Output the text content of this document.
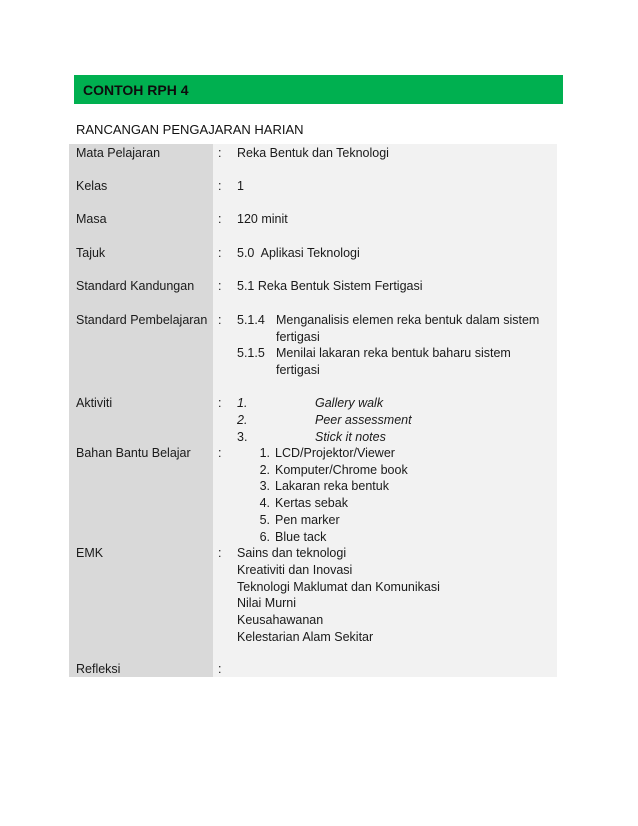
CONTOH RPH 4
RANCANGAN PENGAJARAN HARIAN
Mata Pelajaran	: Reka Bentuk dan Teknologi
Kelas	: 1
Masa	: 120 minit
Tajuk	: 5.0  Aplikasi Teknologi
Standard Kandungan : 5.1 Reka Bentuk Sistem Fertigasi
Standard Pembelajaran : 5.1.4 Menganalisis elemen reka bentuk dalam sistem
fertigasi
5.1.5 Menilai lakaran reka bentuk baharu sistem
fertigasi
Aktiviti	: 1.	Gallery walk
2.	Peer assessment
3.	Stick it notes
Bahan Bantu Belajar :	1. LCD/Projektor/Viewer
2. Komputer/Chrome book
3. Lakaran reka bentuk
4. Kertas sebak
5. Pen marker
6. Blue tack
EMK	: Sains dan teknologi
Kreativiti dan Inovasi
Teknologi Maklumat dan Komunikasi
Nilai Murni
Keusahawanan
Kelestarian Alam Sekitar
Refleksi	:
